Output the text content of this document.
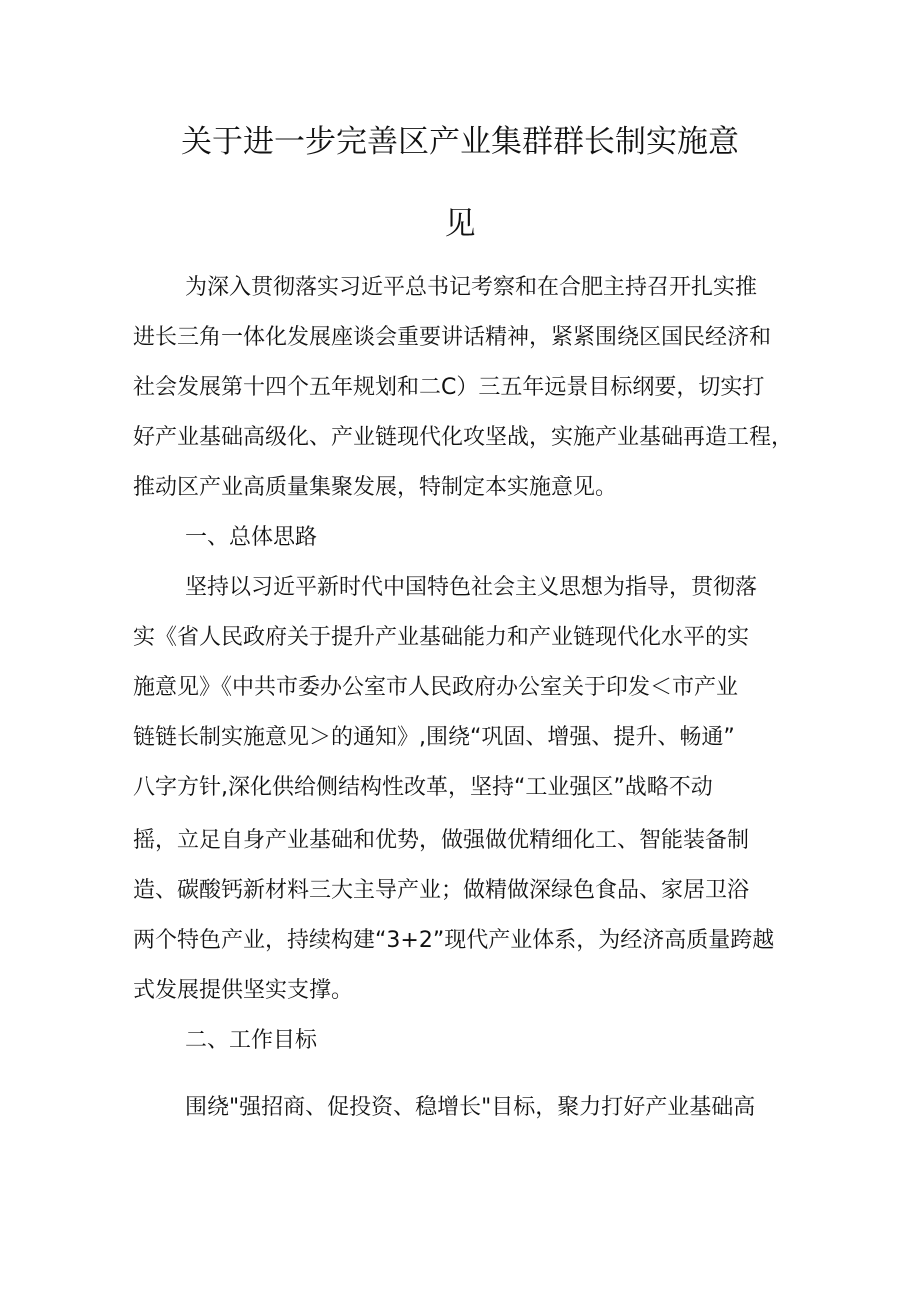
关于进一步完善区产业集群群长制实施意
见
为深入贯彻落实习近平总书记考察和在合肥主持召开扎实推
进长三角一体化发展座谈会重要讲话精神，紧紧围绕区国民经济和
社会发展第十四个五年规划和二C）三五年远景目标纲要，切实打
好产业基础高级化、产业链现代化攻坚战，实施产业基础再造工程，
推动区产业高质量集聚发展，特制定本实施意见。
一、总体思路
坚持以习近平新时代中国特色社会主义思想为指导，贯彻落
实《省人民政府关于提升产业基础能力和产业链现代化水平的实
施意见》《中共市委办公室市人民政府办公室关于印发＜市产业
链链长制实施意见＞的通知》,围绕“巩固、增强、提升、畅通”
八字方针,深化供给侧结构性改革，坚持“工业强区”战略不动
摇，立足自身产业基础和优势，做强做优精细化工、智能装备制
造、碳酸钙新材料三大主导产业；做精做深绿色食品、家居卫浴
两个特色产业，持续构建“3+2”现代产业体系，为经济高质量跨越
式发展提供坚实支撑。
二、工作目标
围绕"强招商、促投资、稳增长"目标，聚力打好产业基础高
